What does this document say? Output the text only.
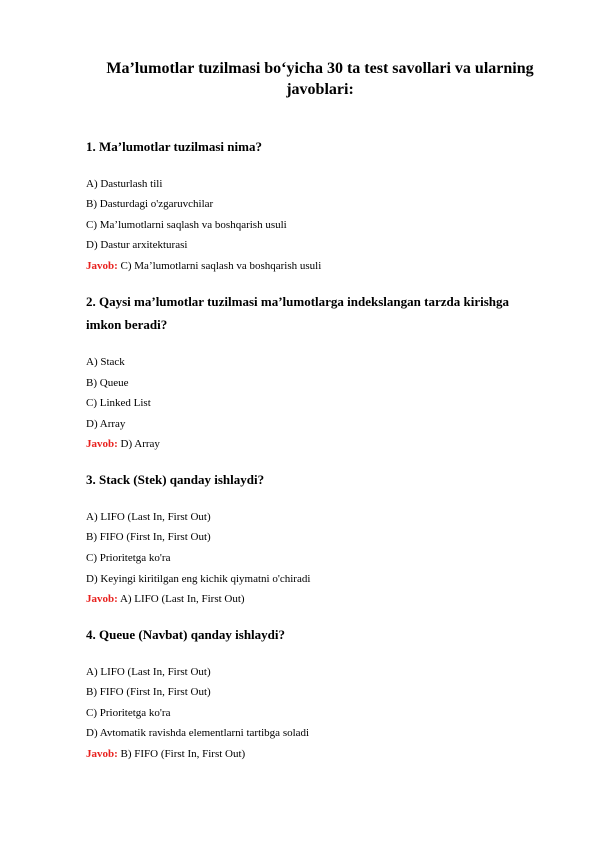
Ma’lumotlar tuzilmasi bo‘yicha 30 ta test savollari va ularning javoblari:
1. Ma’lumotlar tuzilmasi nima?
A) Dasturlash tili
B) Dasturdagi o'zgaruvchilar
C) Ma’lumotlarni saqlash va boshqarish usuli
D) Dastur arxitekturasi
Javob: C) Ma’lumotlarni saqlash va boshqarish usuli
2. Qaysi ma’lumotlar tuzilmasi ma’lumotlarga indekslangan tarzda kirishga imkon beradi?
A) Stack
B) Queue
C) Linked List
D) Array
Javob: D) Array
3. Stack (Stek) qanday ishlaydi?
A) LIFO (Last In, First Out)
B) FIFO (First In, First Out)
C) Prioritetga ko'ra
D) Keyingi kiritilgan eng kichik qiymatni o'chiradi
Javob: A) LIFO (Last In, First Out)
4. Queue (Navbat) qanday ishlaydi?
A) LIFO (Last In, First Out)
B) FIFO (First In, First Out)
C) Prioritetga ko'ra
D) Avtomatik ravishda elementlarni tartibga soladi
Javob: B) FIFO (First In, First Out)
